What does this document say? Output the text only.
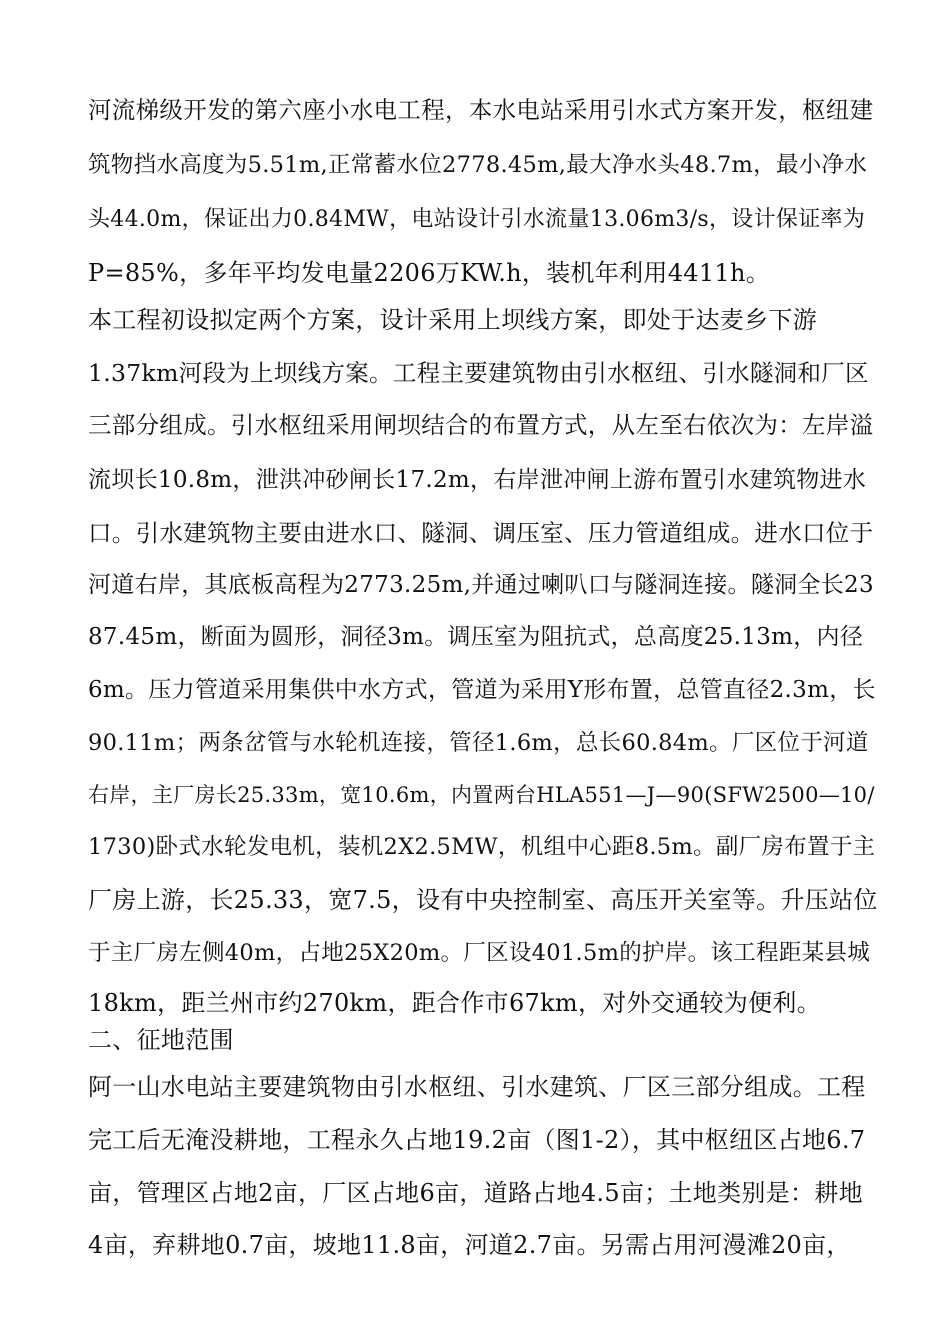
河流梯级开发的第六座小水电工程，本水电站采用引水式方案开发，枢纽建
筑物挡水高度为5.51m,正常蓄水位2778.45m,最大净水头48.7m，最小净水
头44.0m，保证出力0.84MW，电站设计引水流量13.06m3/s，设计保证率为
P=85%，多年平均发电量2206万KW.h，装机年利用4411h。
本工程初设拟定两个方案，设计采用上坝线方案，即处于达麦乡下游
1.37km河段为上坝线方案。工程主要建筑物由引水枢纽、引水隧洞和厂区
三部分组成。引水枢纽采用闸坝结合的布置方式，从左至右依次为：左岸溢
流坝长10.8m，泄洪冲砂闸长17.2m，右岸泄冲闸上游布置引水建筑物进水
口。引水建筑物主要由进水口、隧洞、调压室、压力管道组成。进水口位于
河道右岸，其底板高程为2773.25m,并通过喇叭口与隧洞连接。隧洞全长23
87.45m，断面为圆形，洞径3m。调压室为阻抗式，总高度25.13m，内径
6m。压力管道采用集供中水方式，管道为采用Y形布置，总管直径2.3m，长
90.11m；两条岔管与水轮机连接，管径1.6m，总长60.84m。厂区位于河道
右岸，主厂房长25.33m，宽10.6m，内置两台HLA551—J—90(SFW2500—10/
1730)卧式水轮发电机，装机2X2.5MW，机组中心距8.5m。副厂房布置于主
厂房上游，长25.33，宽7.5，设有中央控制室、高压开关室等。升压站位
于主厂房左侧40m，占地25X20m。厂区设401.5m的护岸。该工程距某县城
18km，距兰州市约270km，距合作市67km，对外交通较为便利。
二、征地范围
阿一山水电站主要建筑物由引水枢纽、引水建筑、厂区三部分组成。工程
完工后无淹没耕地，工程永久占地19.2亩（图1-2），其中枢纽区占地6.7
亩，管理区占地2亩，厂区占地6亩，道路占地4.5亩；土地类别是：耕地
4亩，弃耕地0.7亩，坡地11.8亩，河道2.7亩。另需占用河漫滩20亩，
